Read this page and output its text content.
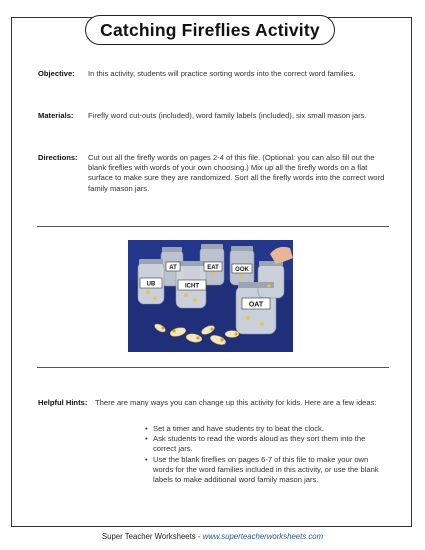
Catching Fireflies Activity
Objective: In this activity, students will practice sorting words into the correct word families.
Materials: Firefly word cut-outs (included), word family labels (included), six small mason jars.
Directions: Cut out all the firefly words on pages 2-4 of this file. (Optional: you can also fill out the blank fireflies with words of your own choosing.) Mix up all the firefly words on a flat surface to make sure they are randomized. Sort all the firefly words into the correct word family mason jars.
UB	ICHT
AT	EAT	OOK
OAT
Helpful Hints: There are many ways you can change up this activity for kids. Here are a few ideas:
• Set a timer and have students try to beat the clock.
• Ask students to read the words aloud as they sort them into the correct jars.
• Use the blank fireflies on pages 6-7 of this file to make your own words for the word families included in this activity, or use the blank labels to make additional word family mason jars.
Super Teacher Worksheets - www.superteacherworksheets.com
